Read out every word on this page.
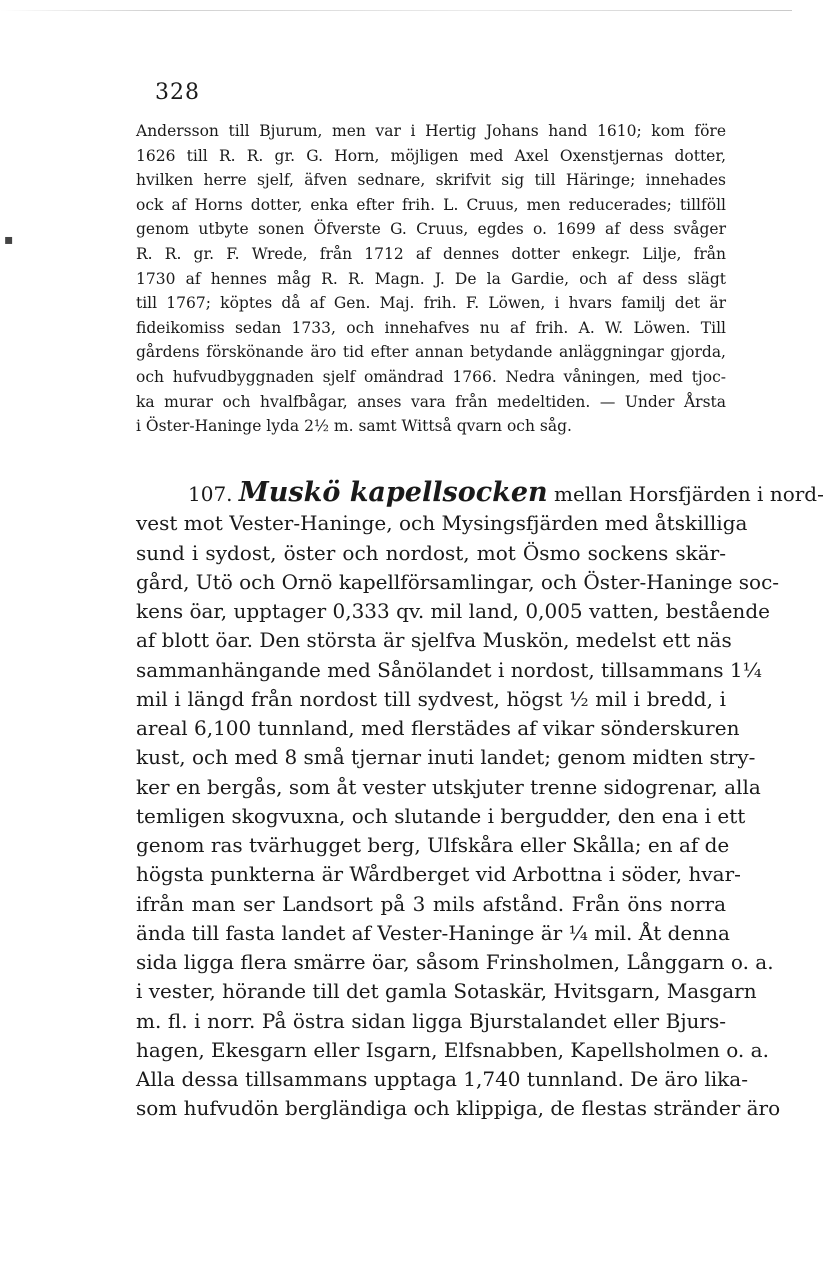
328
Andersson till Bjurum, men var i Hertig Johans hand 1610; kom före
1626 till R. R. gr. G. Horn, möjligen med Axel Oxenstjernas dotter,
hvilken herre sjelf, äfven sednare, skrifvit sig till Häringe; innehades
ock af Horns dotter, enka efter frih. L. Cruus, men reducerades; tillföll
genom utbyte sonen Öfverste G. Cruus, egdes o. 1699 af dess svåger
R. R. gr. F. Wrede, från 1712 af dennes dotter enkegr. Lilje, från
1730 af hennes måg R. R. Magn. J. De la Gardie, och af dess slägt
till 1767; köptes då af Gen. Maj. frih. F. Löwen, i hvars familj det är
fideikomiss sedan 1733, och innehafves nu af frih. A. W. Löwen. Till
gårdens förskönande äro tid efter annan betydande anläggningar gjorda,
och hufvudbyggnaden sjelf omändrad 1766. Nedra våningen, med tjoc-
ka murar och hvalfbågar, anses vara från medeltiden. — Under Årsta
i Öster-Haninge lyda 2½ m. samt Wittså qvarn och såg.
107. Muskö kapellsocken mellan Horsfjärden i nord-
vest mot Vester-Haninge, och Mysingsfjärden med åtskilliga
sund i sydost, öster och nordost, mot Ösmo sockens skär-
gård, Utö och Ornö kapellförsamlingar, och Öster-Haninge soc-
kens öar, upptager 0,333 qv. mil land, 0,005 vatten, bestående
af blott öar. Den största är sjelfva Muskön, medelst ett näs
sammanhängande med Sånölandet i nordost, tillsammans 1¼
mil i längd från nordost till sydvest, högst ½ mil i bredd, i
areal 6,100 tunnland, med flerstädes af vikar sönderskuren
kust, och med 8 små tjernar inuti landet; genom midten stry-
ker en bergås, som åt vester utskjuter trenne sidogrenar, alla
temligen skogvuxna, och slutande i bergudder, den ena i ett
genom ras tvärhugget berg, Ulfskåra eller Skålla; en af de
högsta punkterna är Wårdberget vid Arbottna i söder, hvar-
ifrån man ser Landsort på 3 mils afstånd. Från öns norra
ända till fasta landet af Vester-Haninge är ¼ mil. Åt denna
sida ligga flera smärre öar, såsom Frinsholmen, Långgarn o. a.
i vester, hörande till det gamla Sotaskär, Hvitsgarn, Masgarn
m. fl. i norr. På östra sidan ligga Bjurstalandet eller Bjurs-
hagen, Ekesgarn eller Isgarn, Elfsnabben, Kapellsholmen o. a.
Alla dessa tillsammans upptaga 1,740 tunnland. De äro lika-
som hufvudön bergländiga och klippiga, de flestas stränder äro
▪
